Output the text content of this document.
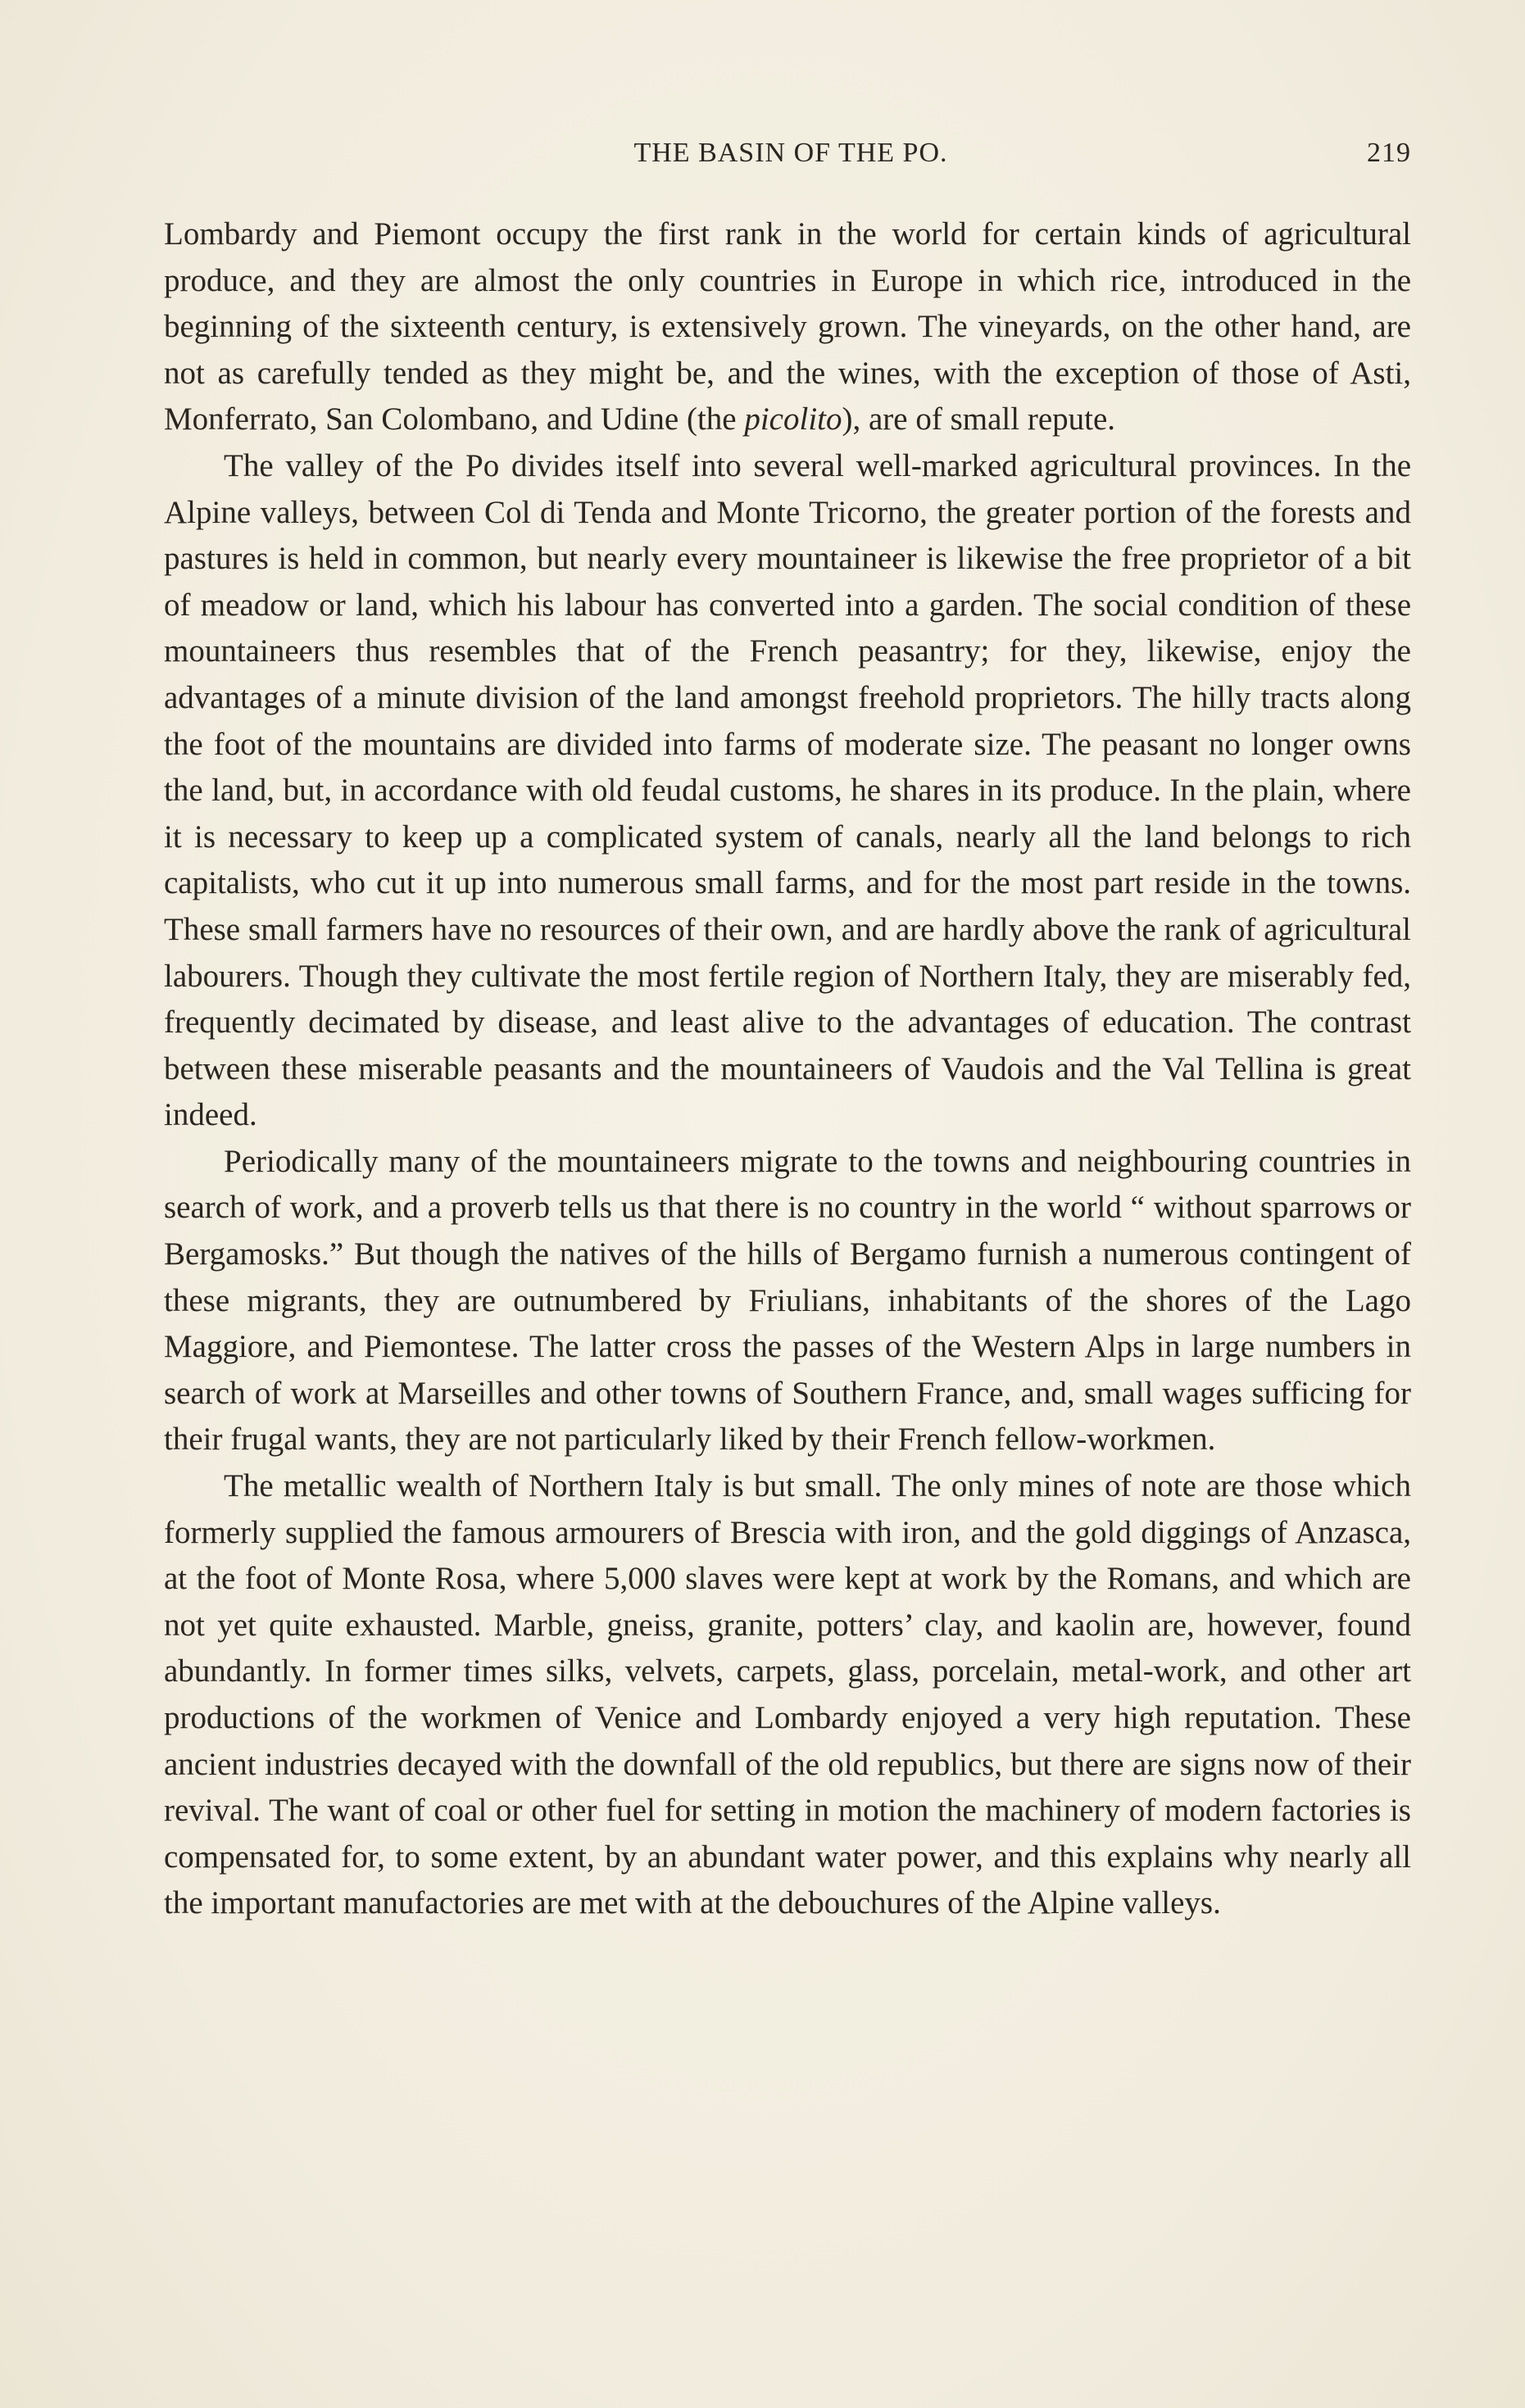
THE BASIN OF THE PO.	219

Lombardy and Piemont occupy the first rank in the world for certain kinds of agricultural produce, and they are almost the only countries in Europe in which rice, introduced in the beginning of the sixteenth century, is extensively grown. The vineyards, on the other hand, are not as carefully tended as they might be, and the wines, with the exception of those of Asti, Monferrato, San Colombano, and Udine (the picolito), are of small repute.

The valley of the Po divides itself into several well-marked agricultural provinces. In the Alpine valleys, between Col di Tenda and Monte Tricorno, the greater portion of the forests and pastures is held in common, but nearly every mountaineer is likewise the free proprietor of a bit of meadow or land, which his labour has converted into a garden. The social condition of these mountaineers thus resembles that of the French peasantry; for they, likewise, enjoy the advantages of a minute division of the land amongst freehold proprietors. The hilly tracts along the foot of the mountains are divided into farms of moderate size. The peasant no longer owns the land, but, in accordance with old feudal customs, he shares in its produce. In the plain, where it is necessary to keep up a complicated system of canals, nearly all the land belongs to rich capitalists, who cut it up into numerous small farms, and for the most part reside in the towns. These small farmers have no resources of their own, and are hardly above the rank of agricultural labourers. Though they cultivate the most fertile region of Northern Italy, they are miserably fed, frequently decimated by disease, and least alive to the advantages of education. The contrast between these miserable peasants and the mountaineers of Vaudois and the Val Tellina is great indeed.

Periodically many of the mountaineers migrate to the towns and neighbouring countries in search of work, and a proverb tells us that there is no country in the world “ without sparrows or Bergamosks.” But though the natives of the hills of Bergamo furnish a numerous contingent of these migrants, they are outnumbered by Friulians, inhabitants of the shores of the Lago Maggiore, and Piemontese. The latter cross the passes of the Western Alps in large numbers in search of work at Marseilles and other towns of Southern France, and, small wages sufficing for their frugal wants, they are not particularly liked by their French fellow-workmen.

The metallic wealth of Northern Italy is but small. The only mines of note are those which formerly supplied the famous armourers of Brescia with iron, and the gold diggings of Anzasca, at the foot of Monte Rosa, where 5,000 slaves were kept at work by the Romans, and which are not yet quite exhausted. Marble, gneiss, granite, potters’ clay, and kaolin are, however, found abundantly. In former times silks, velvets, carpets, glass, porcelain, metal-work, and other art productions of the workmen of Venice and Lombardy enjoyed a very high reputation. These ancient industries decayed with the downfall of the old republics, but there are signs now of their revival. The want of coal or other fuel for setting in motion the machinery of modern factories is compensated for, to some extent, by an abundant water power, and this explains why nearly all the important manufactories are met with at the debouchures of the Alpine valleys.
